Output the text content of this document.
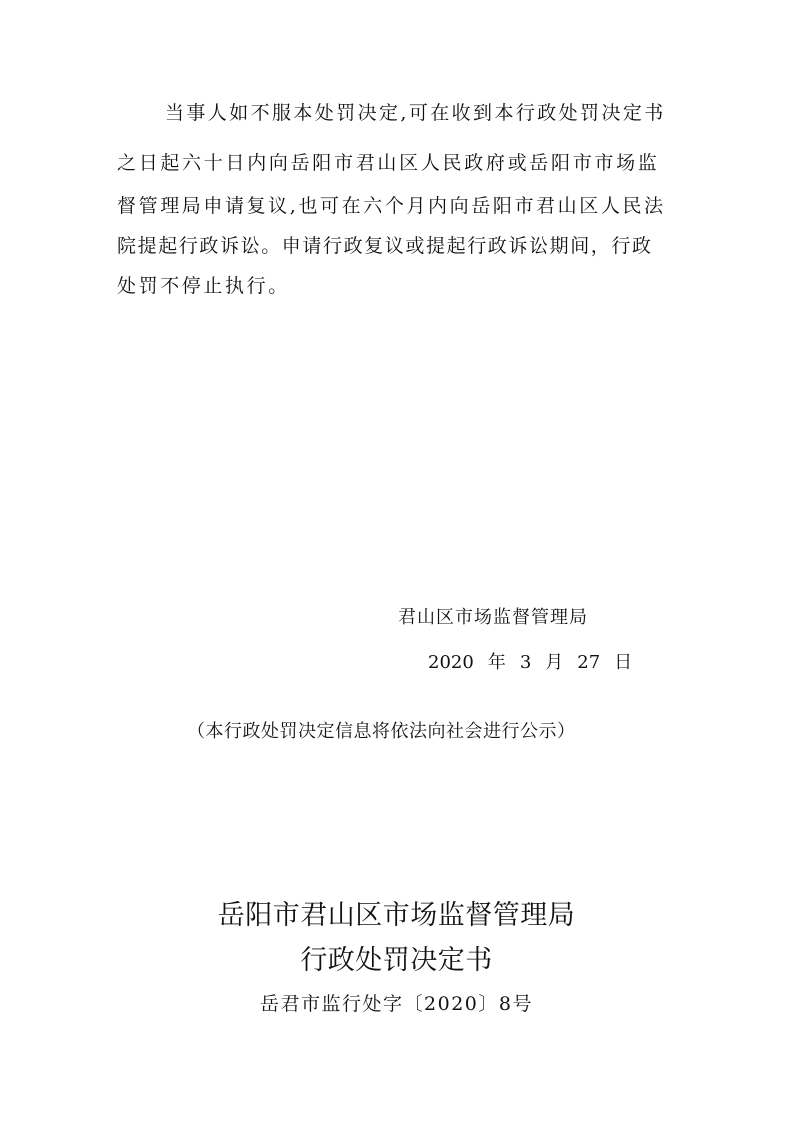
当事人如不服本处罚决定,可在收到本行政处罚决定书
之日起六十日内向岳阳市君山区人民政府或岳阳市市场监
督管理局申请复议,也可在六个月内向岳阳市君山区人民法
院提起行政诉讼。申请行政复议或提起行政诉讼期间，行政
处罚不停止执行。
君山区市场监督管理局
2020 年 3 月 27 日
（本行政处罚决定信息将依法向社会进行公示）
岳阳市君山区市场监督管理局
行政处罚决定书
岳君市监行处字〔2020〕8号
